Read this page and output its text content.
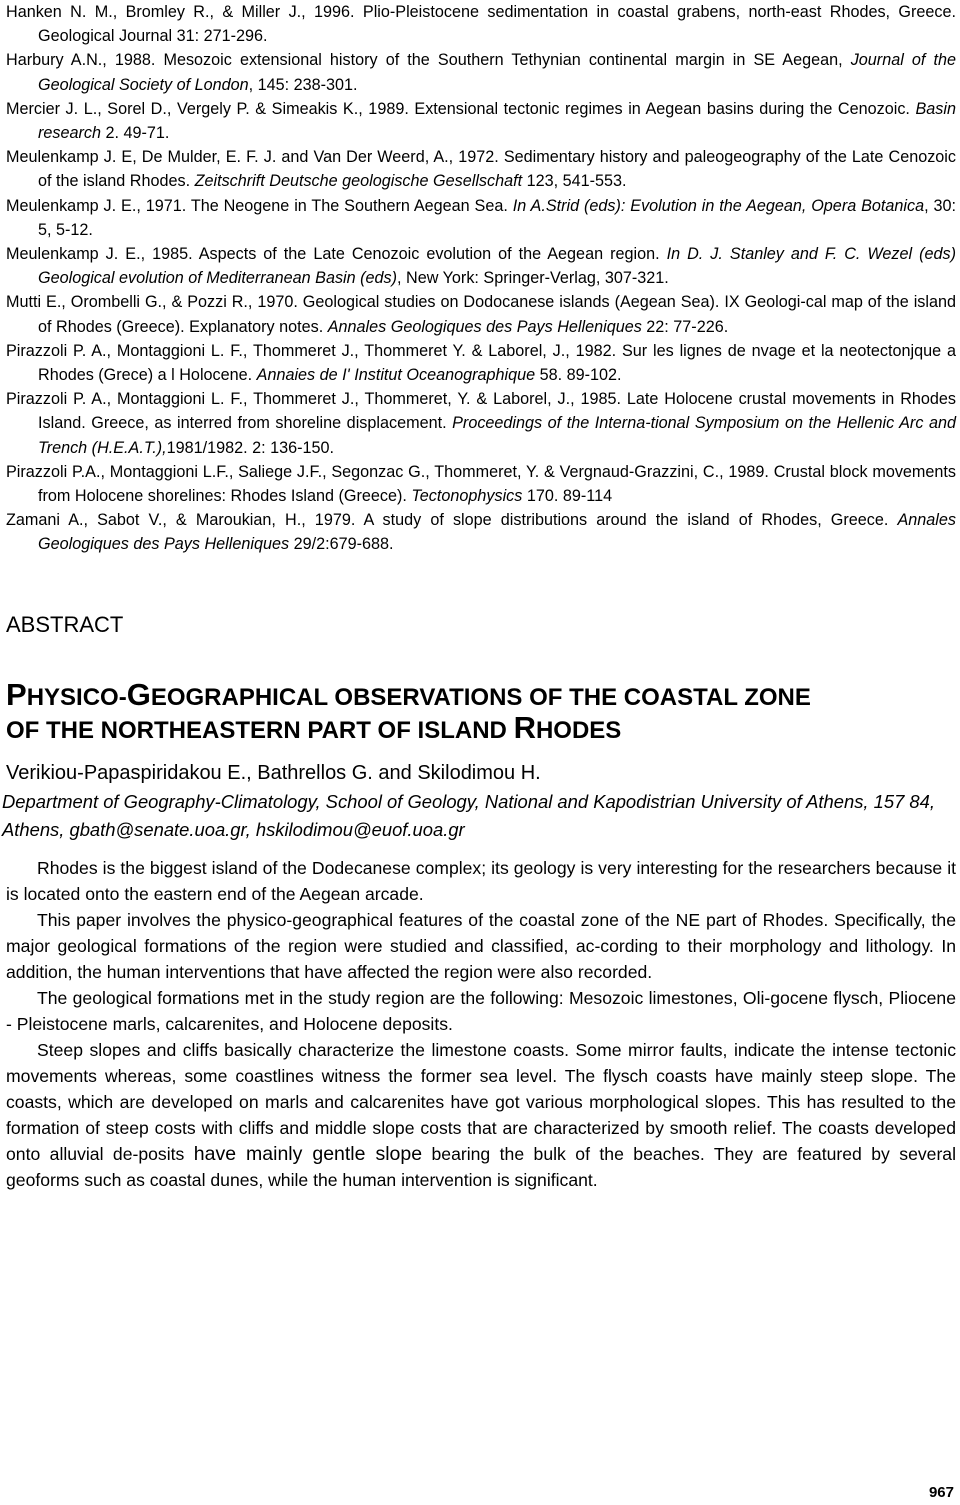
Hanken N. M., Bromley R., & Miller J., 1996. Plio-Pleistocene sedimentation in coastal grabens, north-east Rhodes, Greece. Geological Journal 31: 271-296.
Harbury A.N., 1988. Mesozoic extensional history of the Southern Tethynian continental margin in SE Aegean, Journal of the Geological Society of London, 145: 238-301.
Mercier J. L., Sorel D., Vergely P. & Simeakis K., 1989. Extensional tectonic regimes in Aegean basins during the Cenozoic. Basin research 2. 49-71.
Meulenkamp J. E, De Mulder, E. F. J. and Van Der Weerd, A., 1972. Sedimentary history and paleogeography of the Late Cenozoic of the island Rhodes. Zeitschrift Deutsche geologische Gesellschaft 123, 541-553.
Meulenkamp J. E., 1971. The Neogene in The Southern Aegean Sea. In A.Strid (eds): Evolution in the Aegean, Opera Botanica, 30: 5, 5-12.
Meulenkamp J. E., 1985. Aspects of the Late Cenozoic evolution of the Aegean region. In D. J. Stanley and F. C. Wezel (eds) Geological evolution of Mediterranean Basin (eds), New York: Springer-Verlag, 307-321.
Mutti E., Orombelli G., & Pozzi R., 1970. Geological studies on Dodocanese islands (Aegean Sea). IX Geologi-cal map of the island of Rhodes (Greece). Explanatory notes. Annales Geologiques des Pays Helleniques 22: 77-226.
Pirazzoli P. A., Montaggioni L. F., Thommeret J., Thommeret Y. & Laborel, J., 1982. Sur les lignes de nvage et la neotectonjque a Rhodes (Grece) a l Holocene. Annaies de I' Institut Oceanographique 58. 89-102.
Pirazzoli P. A., Montaggioni L. F., Thommeret J., Thommeret, Y. & Laborel, J., 1985. Late Holocene crustal movements in Rhodes Island. Greece, as interred from shoreline displacement. Proceedings of the Interna-tional Symposium on the Hellenic Arc and Trench (H.E.A.T.),1981/1982. 2: 136-150.
Pirazzoli P.A., Montaggioni L.F., Saliege J.F., Segonzac G., Thommeret, Y. & Vergnaud-Grazzini, C., 1989. Crustal block movements from Holocene shorelines: Rhodes Island (Greece). Tectonophysics 170. 89-114
Zamani A., Sabot V., & Maroukian, H., 1979. A study of slope distributions around the island of Rhodes, Greece. Annales Geologiques des Pays Helleniques 29/2:679-688.
ABSTRACT
PHYSICO-GEOGRAPHICAL OBSERVATIONS OF THE COASTAL ZONE
OF THE NORTHEASTERN PART OF ISLAND RHODES
Verikiou-Papaspiridakou E., Bathrellos G. and Skilodimou H.
Department of Geography-Climatology, School of Geology, National and Kapodistrian University of Athens, 157 84, Athens, gbath@senate.uoa.gr, hskilodimou@euof.uoa.gr

Rhodes is the biggest island of the Dodecanese complex; its geology is very interesting for the researchers because it is located onto the eastern end of the Aegean arcade.

This paper involves the physico-geographical features of the coastal zone of the NE part of Rhodes. Specifically, the major geological formations of the region were studied and classified, ac-cording to their morphology and lithology. In addition, the human interventions that have affected the region were also recorded.

The geological formations met in the study region are the following: Mesozoic limestones, Oli-gocene flysch, Pliocene - Pleistocene marls, calcarenites, and Holocene deposits.

Steep slopes and cliffs basically characterize the limestone coasts. Some mirror faults, indicate the intense tectonic movements whereas, some coastlines witness the former sea level. The flysch coasts have mainly steep slope. The coasts, which are developed on marls and calcarenites have got various morphological slopes. This has resulted to the formation of steep costs with cliffs and middle slope costs that are characterized by smooth relief. The coasts developed onto alluvial de-posits have mainly gentle slope bearing the bulk of the beaches. They are featured by several geoforms such as coastal dunes, while the human intervention is significant.

967
